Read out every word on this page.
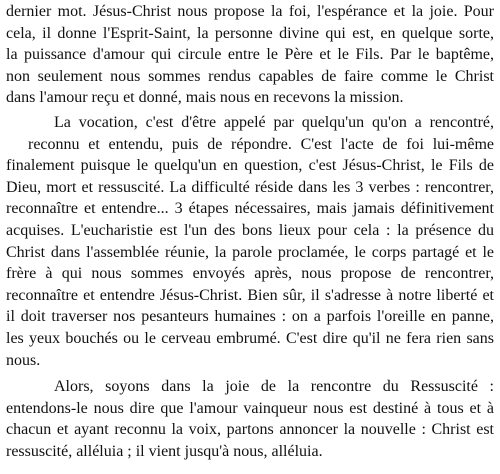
dernier mot. Jésus-Christ nous propose la foi, l'espérance et la joie. Pour
cela, il donne l'Esprit-Saint, la personne divine qui est, en quelque sorte,
la puissance d'amour qui circule entre le Père et le Fils. Par le baptême,
non seulement nous sommes rendus capables de faire comme le Christ
dans l'amour reçu et donné, mais nous en recevons la mission.
La vocation, c'est d'être appelé par quelqu'un qu'on a rencontré,
reconnu et entendu, puis de répondre. C'est l'acte de foi lui-même
finalement puisque le quelqu'un en question, c'est Jésus-Christ, le Fils de
Dieu, mort et ressuscité. La difficulté réside dans les 3 verbes : rencontrer,
reconnaître et entendre... 3 étapes nécessaires, mais jamais définitivement
acquises. L'eucharistie est l'un des bons lieux pour cela : la présence du
Christ dans l'assemblée réunie, la parole proclamée, le corps partagé et le
frère à qui nous sommes envoyés après, nous propose de rencontrer,
reconnaître et entendre Jésus-Christ. Bien sûr, il s'adresse à notre liberté et
il doit traverser nos pesanteurs humaines : on a parfois l'oreille en panne,
les yeux bouchés ou le cerveau embrumé. C'est dire qu'il ne fera rien sans
nous.
Alors, soyons dans la joie de la rencontre du Ressuscité :
entendons-le nous dire que l'amour vainqueur nous est destiné à tous et à
chacun et ayant reconnu la voix, partons annoncer la nouvelle : Christ est
ressuscité, alléluia ; il vient jusqu'à nous, alléluia.
